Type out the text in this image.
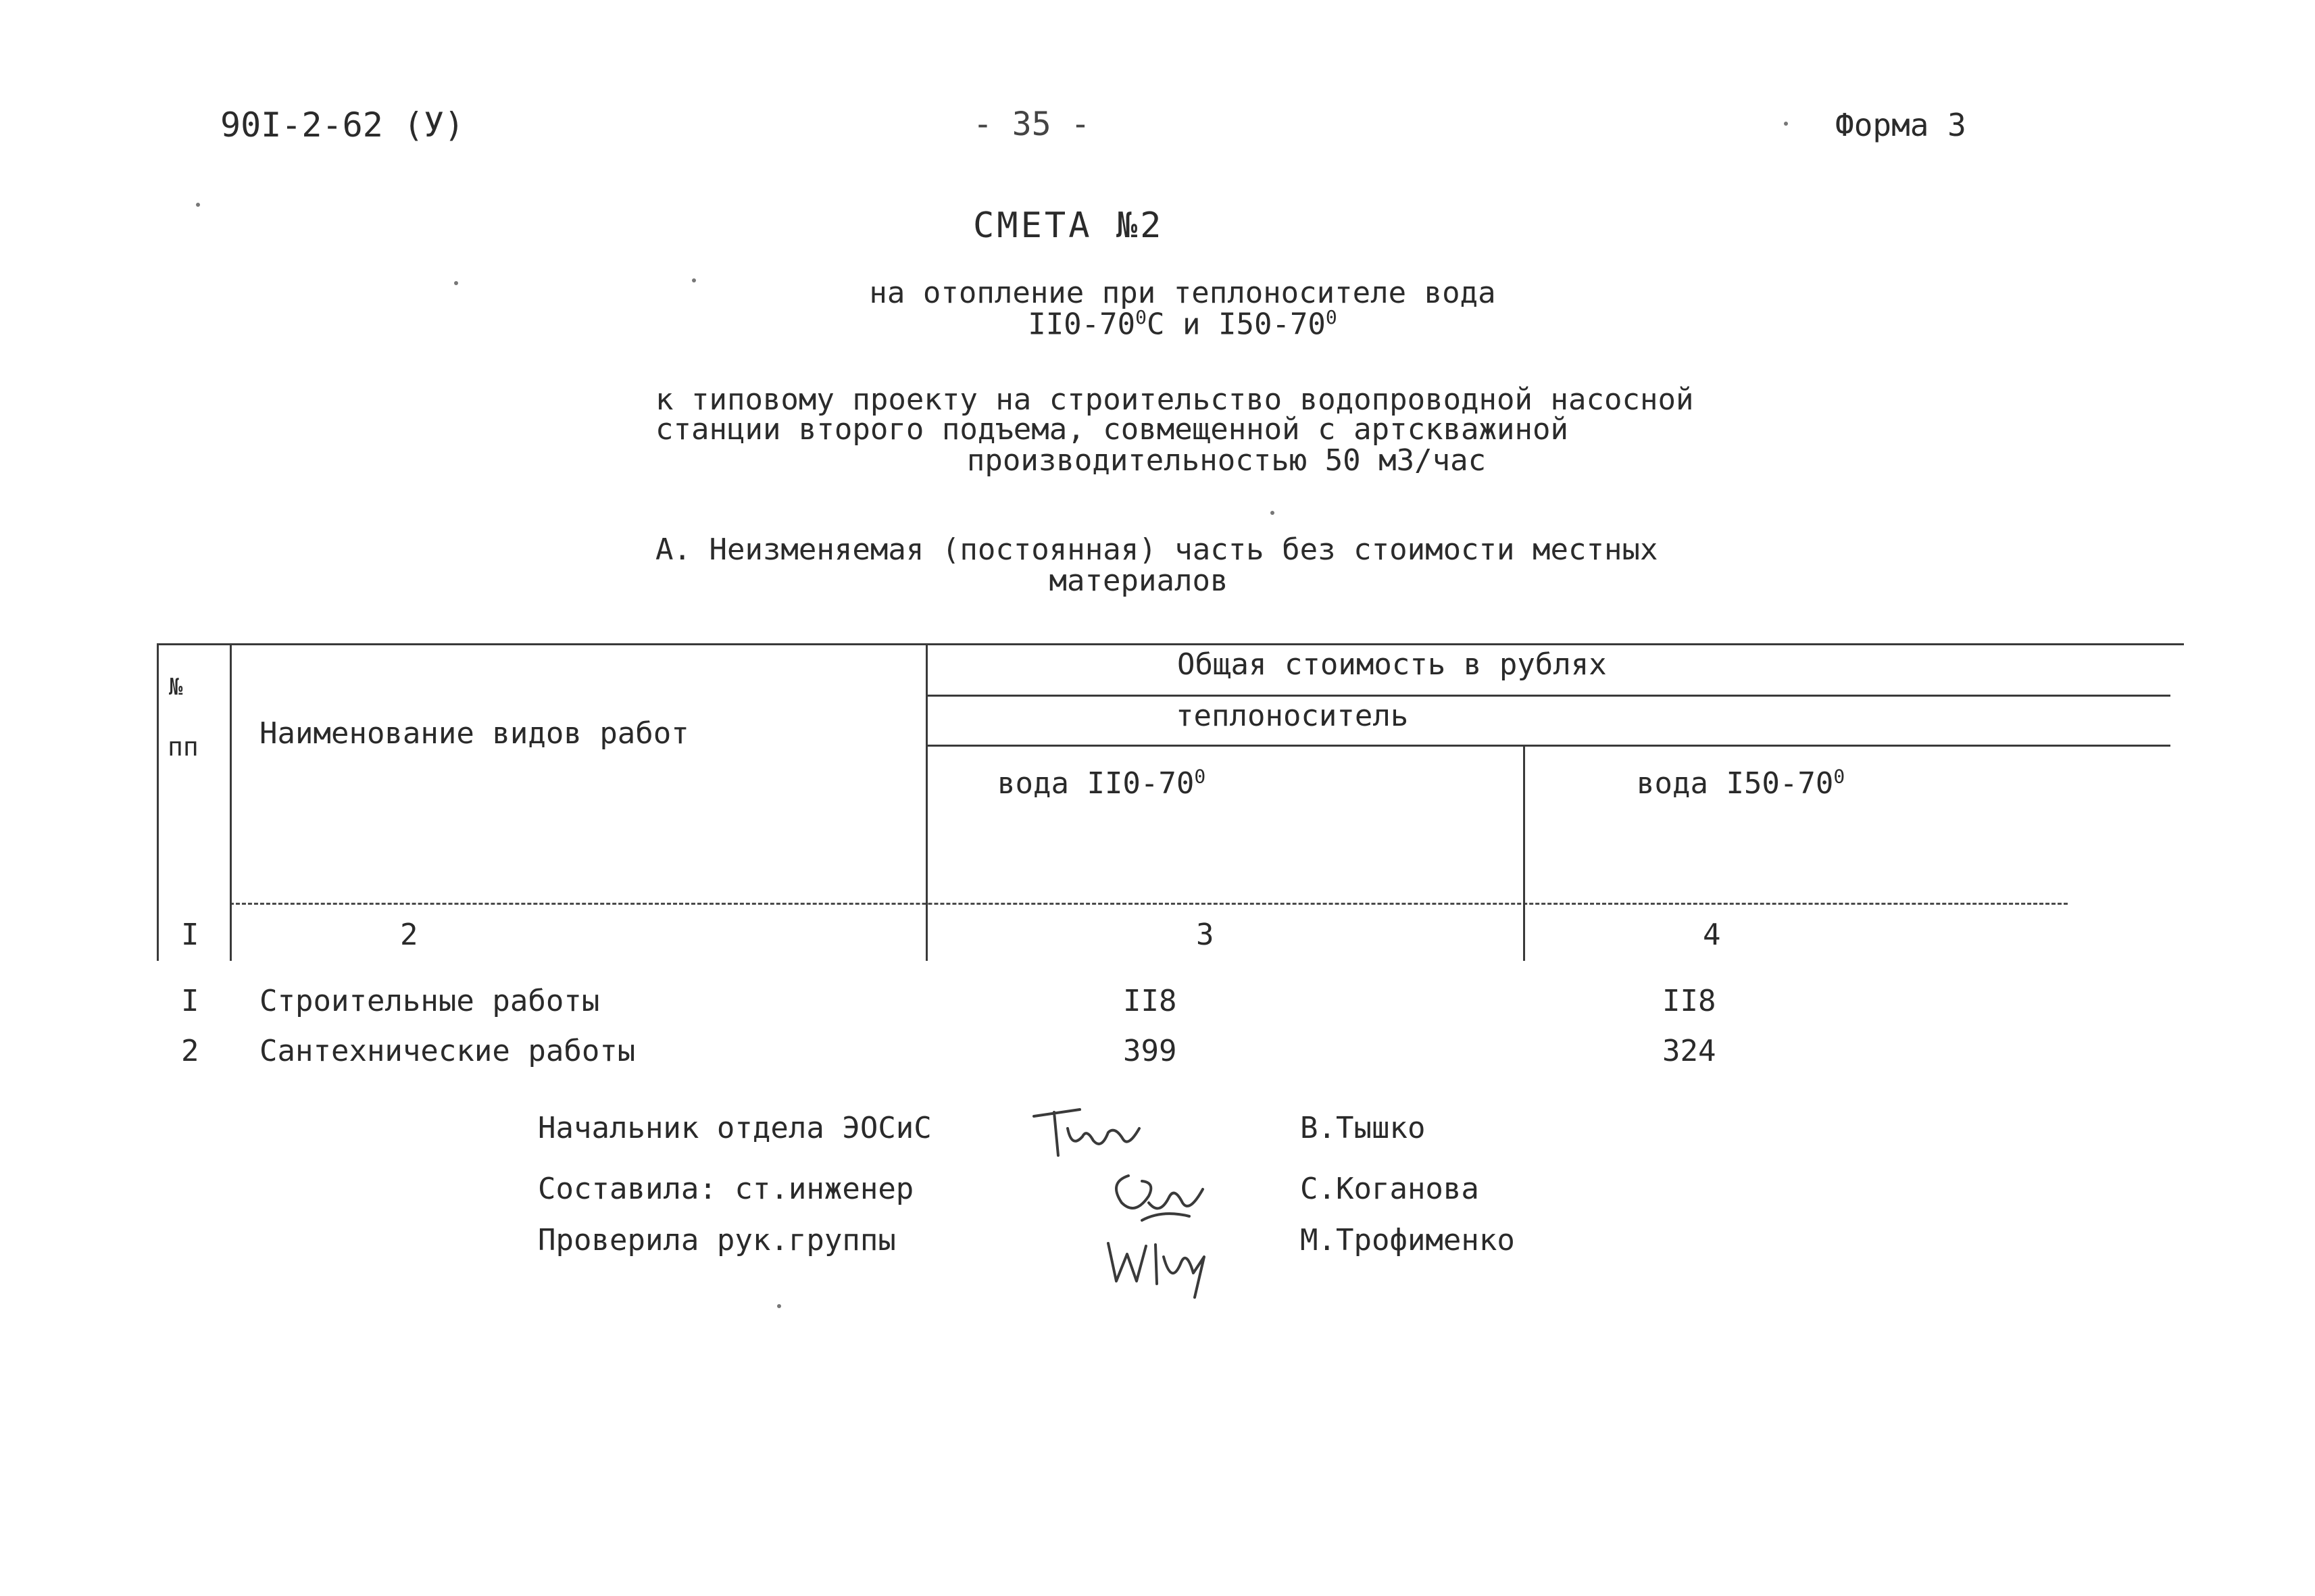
90I-2-62 (У)	- 35 -	Форма 3
СМЕТА №2
на отопление при теплоносителе вода
$II0-70^0С$ и $I50-70^0$
к типовому проекту на строительство водопроводной насосной
станции второго подъема, совмещенной с артскважиной
производительностью 50 м3/час
А. Неизменяемая (постоянная) часть без стоимости местных
материалов
№
пп Наименование видов работ
Общая стоимость в рублях
теплоноситель
вода $II0-70^0$	вода $I50-70^0$
I	2	3	4
I Строительные работы	II8	II8
2 Сантехнические работы	399	324
Начальник отдела ЭОСиС	В.Тышко
Составила: ст.инженер	С.Коганова
Проверила рук.группы	М.Трофименко
